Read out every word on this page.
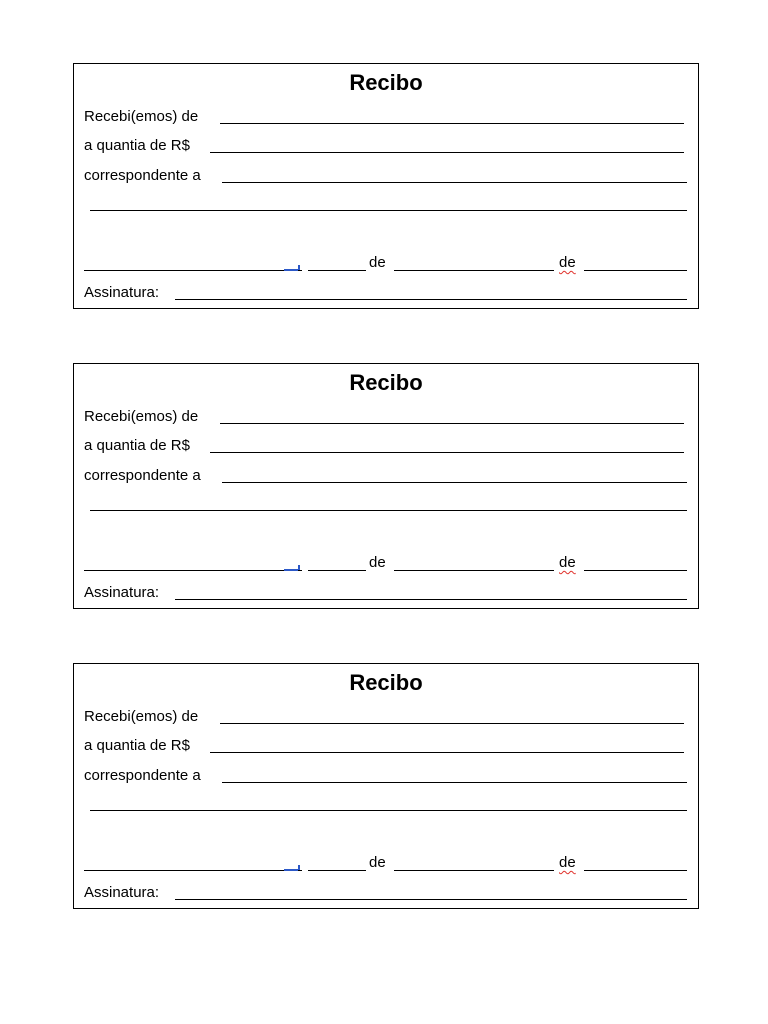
Recibo
Recebi(emos) de
a quantia de R$
correspondente a
de	de
Assinatura:
Recibo
Recebi(emos) de
a quantia de R$
correspondente a
de	de
Assinatura:
Recibo
Recebi(emos) de
a quantia de R$
correspondente a
de	de
Assinatura:
